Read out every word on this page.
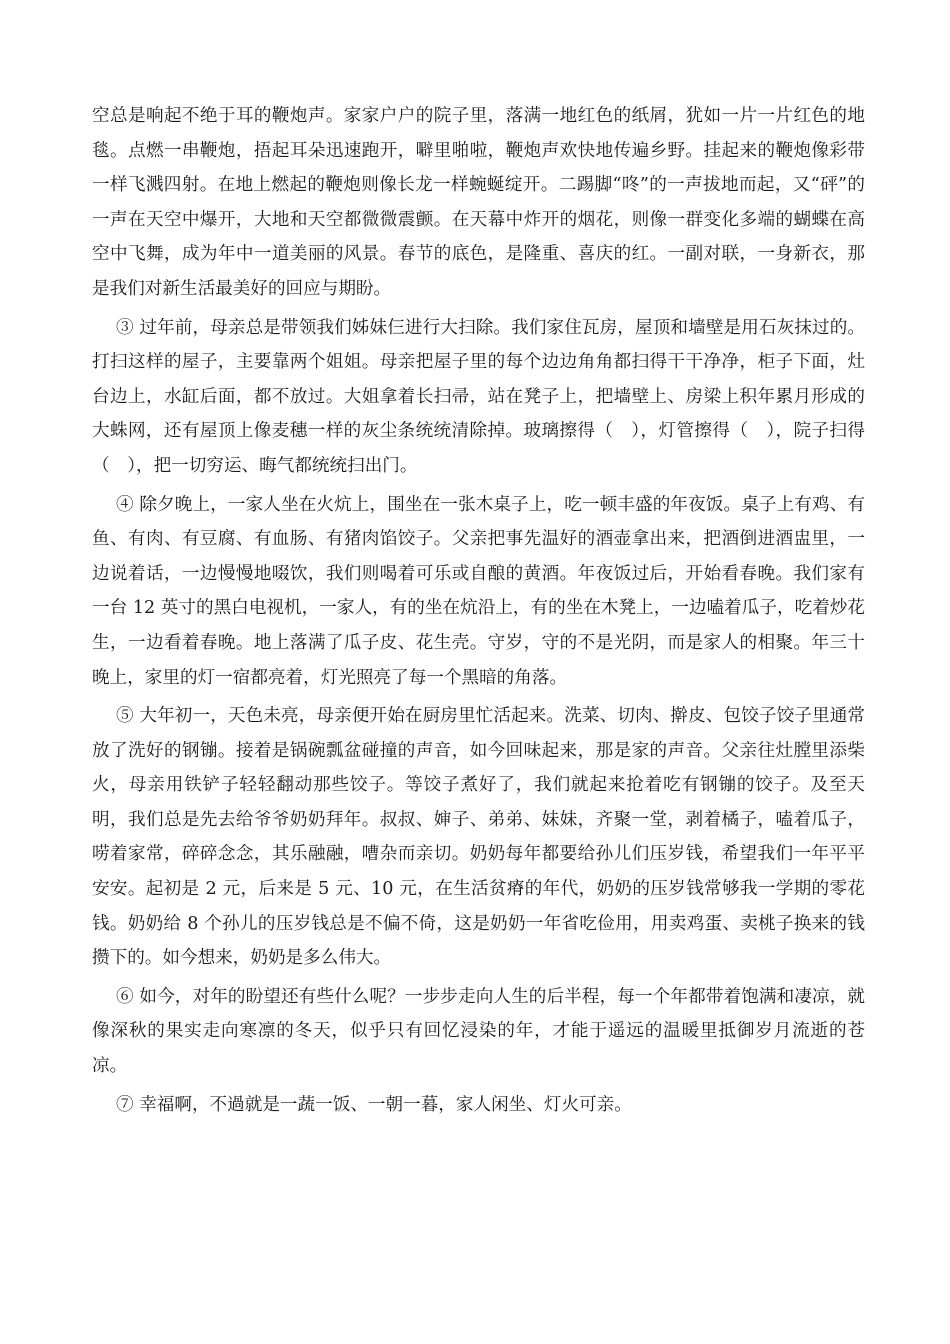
空总是响起不绝于耳的鞭炮声。家家户户的院子里，落满一地红色的纸屑，犹如一片一片红色的地毯。点燃一串鞭炮，捂起耳朵迅速跑开，噼里啪啦，鞭炮声欢快地传遍乡野。挂起来的鞭炮像彩带一样飞溅四射。在地上燃起的鞭炮则像长龙一样蜿蜒绽开。二踢脚“咚”的一声拔地而起，又“砰”的一声在天空中爆开，大地和天空都微微震颤。在天幕中炸开的烟花，则像一群变化多端的蝴蝶在高空中飞舞，成为年中一道美丽的风景。春节的底色，是隆重、喜庆的红。一副对联，一身新衣，那是我们对新生活最美好的回应与期盼。

③ 过年前，母亲总是带领我们姊妹仨进行大扫除。我们家住瓦房，屋顶和墙壁是用石灰抹过的。打扫这样的屋子，主要靠两个姐姐。母亲把屋子里的每个边边角角都扫得干干净净，柜子下面，灶台边上，水缸后面，都不放过。大姐拿着长扫帚，站在凳子上，把墙壁上、房梁上积年累月形成的大蛛网，还有屋顶上像麦穗一样的灰尘条统统清除掉。玻璃擦得（　），灯管擦得（　），院子扫得（　），把一切穷运、晦气都统统扫出门。

④ 除夕晚上，一家人坐在火炕上，围坐在一张木桌子上，吃一顿丰盛的年夜饭。桌子上有鸡、有鱼、有肉、有豆腐、有血肠、有猪肉馅饺子。父亲把事先温好的酒壶拿出来，把酒倒进酒盅里，一边说着话，一边慢慢地啜饮，我们则喝着可乐或自酿的黄酒。年夜饭过后，开始看春晚。我们家有一台 12 英寸的黑白电视机，一家人，有的坐在炕沿上，有的坐在木凳上，一边嗑着瓜子，吃着炒花生，一边看着春晚。地上落满了瓜子皮、花生壳。守岁，守的不是光阴，而是家人的相聚。年三十晚上，家里的灯一宿都亮着，灯光照亮了每一个黑暗的角落。

⑤ 大年初一，天色未亮，母亲便开始在厨房里忙活起来。洗菜、切肉、擀皮、包饺子饺子里通常放了洗好的钢镚。接着是锅碗瓢盆碰撞的声音，如今回味起来，那是家的声音。父亲往灶膛里添柴火，母亲用铁铲子轻轻翻动那些饺子。等饺子煮好了，我们就起来抢着吃有钢镚的饺子。及至天明，我们总是先去给爷爷奶奶拜年。叔叔、婶子、弟弟、妹妹，齐聚一堂，剥着橘子，嗑着瓜子，唠着家常，碎碎念念，其乐融融，嘈杂而亲切。奶奶每年都要给孙儿们压岁钱，希望我们一年平平安安。起初是 2 元，后来是 5 元、10 元，在生活贫瘠的年代，奶奶的压岁钱常够我一学期的零花钱。奶奶给 8 个孙儿的压岁钱总是不偏不倚，这是奶奶一年省吃俭用，用卖鸡蛋、卖桃子换来的钱攒下的。如今想来，奶奶是多么伟大。

⑥ 如今，对年的盼望还有些什么呢？一步步走向人生的后半程，每一个年都带着饱满和凄凉，就像深秋的果实走向寒凛的冬天，似乎只有回忆浸染的年，才能于遥远的温暖里抵御岁月流逝的苍凉。

⑦ 幸福啊，不過就是一蔬一饭、一朝一暮，家人闲坐、灯火可亲。
